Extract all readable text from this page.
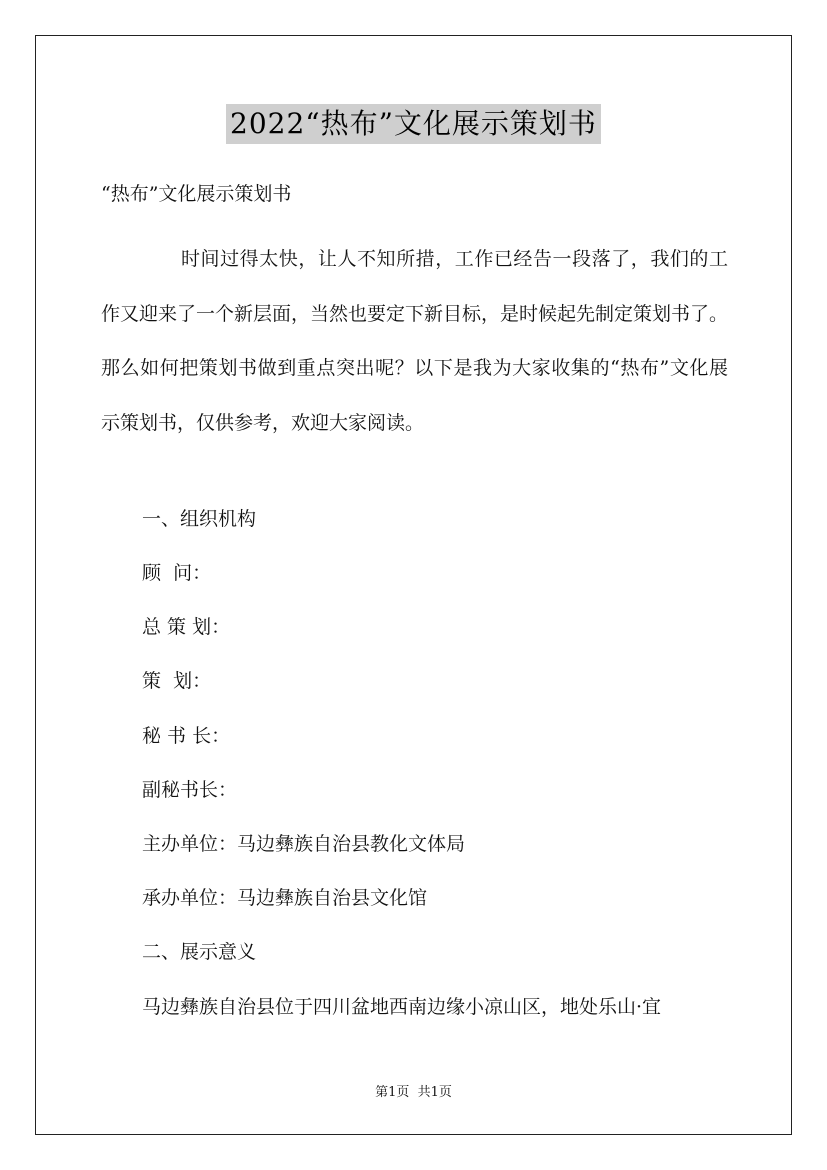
2022“热布”文化展示策划书

“热布”文化展示策划书

时间过得太快，让人不知所措，工作已经告一段落了，我们的工作又迎来了一个新层面，当然也要定下新目标，是时候起先制定策划书了。那么如何把策划书做到重点突出呢？以下是我为大家收集的“热布”文化展示策划书，仅供参考，欢迎大家阅读。

一、组织机构

顾  问：

总 策 划：

策  划：

秘 书 长：

副秘书长：

主办单位：马边彝族自治县教化文体局

承办单位：马边彝族自治县文化馆

二、展示意义

马边彝族自治县位于四川盆地西南边缘小凉山区，地处乐山·宜

第1页  共1页
